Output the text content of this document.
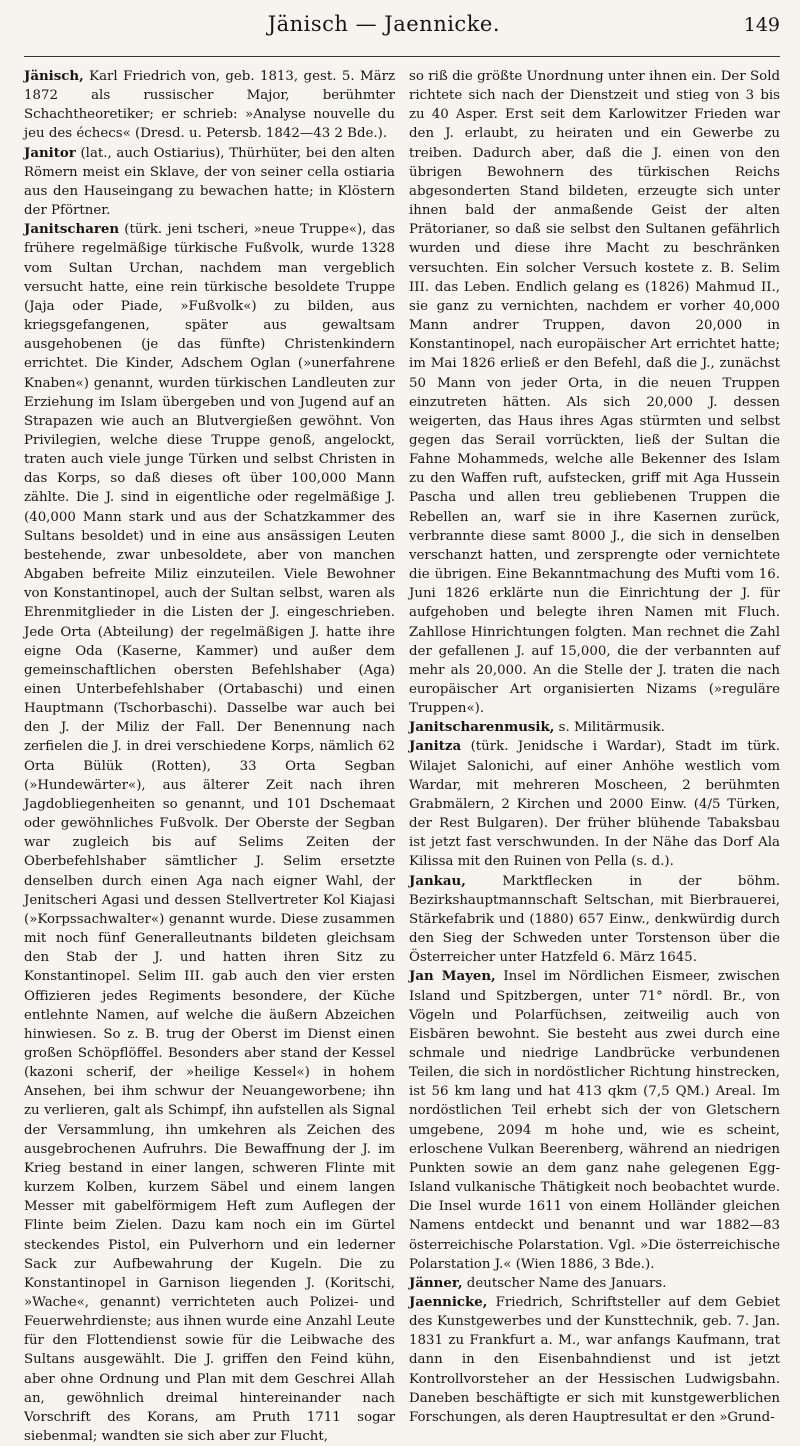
Jänisch — Jaennicke.	149

Jänisch, Karl Friedrich von, geb. 1813, gest. 5. März 1872 als russischer Major, berühmter Schachtheoretiker; er schrieb: »Analyse nouvelle du jeu des échecs« (Dresd. u. Petersb. 1842—43 2 Bde.).

Janitor (lat., auch Ostiarius), Thürhüter, bei den alten Römern meist ein Sklave, der von seiner cella ostiaria aus den Hauseingang zu bewachen hatte; in Klöstern der Pförtner.

Janitscharen (türk. jeni tscheri, »neue Truppe«), das frühere regelmäßige türkische Fußvolk, wurde 1328 vom Sultan Urchan, nachdem man vergeblich versucht hatte, eine rein türkische besoldete Truppe (Jaja oder Piade, »Fußvolk«) zu bilden, aus kriegsgefangenen, später aus gewaltsam ausgehobenen (je das fünfte) Christenkindern errichtet. Die Kinder, Adschem Oglan (»unerfahrene Knaben«) genannt, wurden türkischen Landleuten zur Erziehung im Islam übergeben und von Jugend auf an Strapazen wie auch an Blutvergießen gewöhnt. Von Privilegien, welche diese Truppe genoß, angelockt, traten auch viele junge Türken und selbst Christen in das Korps, so daß dieses oft über 100,000 Mann zählte. Die J. sind in eigentliche oder regelmäßige J. (40,000 Mann stark und aus der Schatzkammer des Sultans besoldet) und in eine aus ansässigen Leuten bestehende, zwar unbesoldete, aber von manchen Abgaben befreite Miliz einzuteilen. Viele Bewohner von Konstantinopel, auch der Sultan selbst, waren als Ehrenmitglieder in die Listen der J. eingeschrieben. Jede Orta (Abteilung) der regelmäßigen J. hatte ihre eigne Oda (Kaserne, Kammer) und außer dem gemeinschaftlichen obersten Befehlshaber (Aga) einen Unterbefehlshaber (Ortabaschi) und einen Hauptmann (Tschorbaschi). Dasselbe war auch bei den J. der Miliz der Fall. Der Benennung nach zerfielen die J. in drei verschiedene Korps, nämlich 62 Orta Bülük (Rotten), 33 Orta Segban (»Hundewärter«), aus älterer Zeit nach ihren Jagdobliegenheiten so genannt, und 101 Dschemaat oder gewöhnliches Fußvolk. Der Oberste der Segban war zugleich bis auf Selims Zeiten der Oberbefehlshaber sämtlicher J. Selim ersetzte denselben durch einen Aga nach eigner Wahl, der Jenitscheri Agasi und dessen Stellvertreter Kol Kiajasi (»Korpssachwalter«) genannt wurde. Diese zusammen mit noch fünf Generalleutnants bildeten gleichsam den Stab der J. und hatten ihren Sitz zu Konstantinopel. Selim III. gab auch den vier ersten Offizieren jedes Regiments besondere, der Küche entlehnte Namen, auf welche die äußern Abzeichen hinwiesen. So z. B. trug der Oberst im Dienst einen großen Schöpflöffel. Besonders aber stand der Kessel (kazoni scherif, der »heilige Kessel«) in hohem Ansehen, bei ihm schwur der Neuangeworbene; ihn zu verlieren, galt als Schimpf, ihn aufstellen als Signal der Versammlung, ihn umkehren als Zeichen des ausgebrochenen Aufruhrs. Die Bewaffnung der J. im Krieg bestand in einer langen, schweren Flinte mit kurzem Kolben, kurzem Säbel und einem langen Messer mit gabelförmigem Heft zum Auflegen der Flinte beim Zielen. Dazu kam noch ein im Gürtel steckendes Pistol, ein Pulverhorn und ein lederner Sack zur Aufbewahrung der Kugeln. Die zu Konstantinopel in Garnison liegenden J. (Koritschi, »Wache«, genannt) verrichteten auch Polizei- und Feuerwehrdienste; aus ihnen wurde eine Anzahl Leute für den Flottendienst sowie für die Leibwache des Sultans ausgewählt. Die J. griffen den Feind kühn, aber ohne Ordnung und Plan mit dem Geschrei Allah an, gewöhnlich dreimal hintereinander nach Vorschrift des Korans, am Pruth 1711 sogar siebenmal; wandten sie sich aber zur Flucht,

so riß die größte Unordnung unter ihnen ein. Der Sold richtete sich nach der Dienstzeit und stieg von 3 bis zu 40 Asper. Erst seit dem Karlowitzer Frieden war den J. erlaubt, zu heiraten und ein Gewerbe zu treiben. Dadurch aber, daß die J. einen von den übrigen Bewohnern des türkischen Reichs abgesonderten Stand bildeten, erzeugte sich unter ihnen bald der anmaßende Geist der alten Prätorianer, so daß sie selbst den Sultanen gefährlich wurden und diese ihre Macht zu beschränken versuchten. Ein solcher Versuch kostete z. B. Selim III. das Leben. Endlich gelang es (1826) Mahmud II., sie ganz zu vernichten, nachdem er vorher 40,000 Mann andrer Truppen, davon 20,000 in Konstantinopel, nach europäischer Art errichtet hatte; im Mai 1826 erließ er den Befehl, daß die J., zunächst 50 Mann von jeder Orta, in die neuen Truppen einzutreten hätten. Als sich 20,000 J. dessen weigerten, das Haus ihres Agas stürmten und selbst gegen das Serail vorrückten, ließ der Sultan die Fahne Mohammeds, welche alle Bekenner des Islam zu den Waffen ruft, aufstecken, griff mit Aga Hussein Pascha und allen treu gebliebenen Truppen die Rebellen an, warf sie in ihre Kasernen zurück, verbrannte diese samt 8000 J., die sich in denselben verschanzt hatten, und zersprengte oder vernichtete die übrigen. Eine Bekanntmachung des Mufti vom 16. Juni 1826 erklärte nun die Einrichtung der J. für aufgehoben und belegte ihren Namen mit Fluch. Zahllose Hinrichtungen folgten. Man rechnet die Zahl der gefallenen J. auf 15,000, die der verbannten auf mehr als 20,000. An die Stelle der J. traten die nach europäischer Art organisierten Nizams (»reguläre Truppen«).

Janitscharenmusik, s. Militärmusik.

Janitza (türk. Jenidsche i Wardar), Stadt im türk. Wilajet Salonichi, auf einer Anhöhe westlich vom Wardar, mit mehreren Moscheen, 2 berühmten Grabmälern, 2 Kirchen und 2000 Einw. (4/5 Türken, der Rest Bulgaren). Der früher blühende Tabaksbau ist jetzt fast verschwunden. In der Nähe das Dorf Ala Kilissa mit den Ruinen von Pella (s. d.).

Jankau, Marktflecken in der böhm. Bezirkshauptmannschaft Seltschan, mit Bierbrauerei, Stärkefabrik und (1880) 657 Einw., denkwürdig durch den Sieg der Schweden unter Torstenson über die Österreicher unter Hatzfeld 6. März 1645.

Jan Mayen, Insel im Nördlichen Eismeer, zwischen Island und Spitzbergen, unter 71° nördl. Br., von Vögeln und Polarfüchsen, zeitweilig auch von Eisbären bewohnt. Sie besteht aus zwei durch eine schmale und niedrige Landbrücke verbundenen Teilen, die sich in nordöstlicher Richtung hinstrecken, ist 56 km lang und hat 413 qkm (7,5 QM.) Areal. Im nordöstlichen Teil erhebt sich der von Gletschern umgebene, 2094 m hohe und, wie es scheint, erloschene Vulkan Beerenberg, während an niedrigen Punkten sowie an dem ganz nahe gelegenen Egg-Island vulkanische Thätigkeit noch beobachtet wurde. Die Insel wurde 1611 von einem Holländer gleichen Namens entdeckt und benannt und war 1882—83 österreichische Polarstation. Vgl. »Die österreichische Polarstation J.« (Wien 1886, 3 Bde.).

Jänner, deutscher Name des Januars.

Jaennicke, Friedrich, Schriftsteller auf dem Gebiet des Kunstgewerbes und der Kunsttechnik, geb. 7. Jan. 1831 zu Frankfurt a. M., war anfangs Kaufmann, trat dann in den Eisenbahndienst und ist jetzt Kontrollvorsteher an der Hessischen Ludwigsbahn. Daneben beschäftigte er sich mit kunstgewerblichen Forschungen, als deren Hauptresultat er den »Grund-
